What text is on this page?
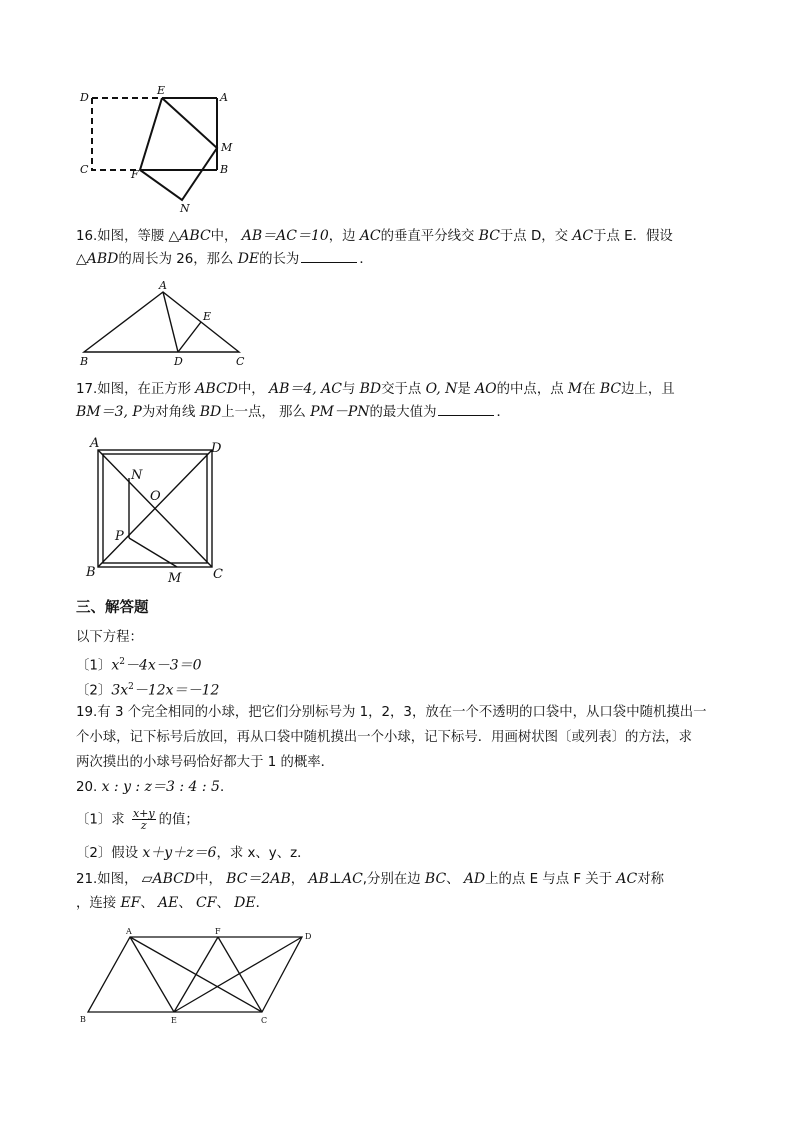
D
E
A
M
C	F	B
N
16.如图，等腰 △ABC中， AB＝AC＝10，边 AC的垂直平分线交 BC于点 D，交 AC于点 E．假设
△ABD的周长为 26，那么 DE的长为	．
A
E
B	D	C
17.如图，在正方形 ABCD中， AB＝4, AC与 BD交于点 O, N是 AO的中点，点 M在 BC边上，且
BM＝3, P为对角线 BD上一点， 那么 PM－PN的最大值为	．
A	D
N
O
P
B	M C
三、解答题
以下方程：
〔1〕$x^2-4x-3=0$
〔2〕$3x^2-12x=-12$
19.有 3 个完全相同的小球，把它们分别标号为 1，2，3，放在一个不透明的口袋中，从口袋中随机摸出一
个小球，记下标号后放回，再从口袋中随机摸出一个小球，记下标号．用画树状图〔或列表〕的方法，求
两次摸出的小球号码恰好都大于 1 的概率．
20. x : y : z＝3 : 4 : 5．
〔1〕求 $\frac{x+y}{z}$ 的值；
〔2〕假设 x＋y＋z＝6，求 x、y、z．
21.如图， ▱ABCD中， BC＝2AB， AB⊥AC,分别在边 BC、 AD上的点 E 与点 F 关于 AC对称
，连接 EF、 AE、 CF、 DE．
A	F
D
B	E	C
